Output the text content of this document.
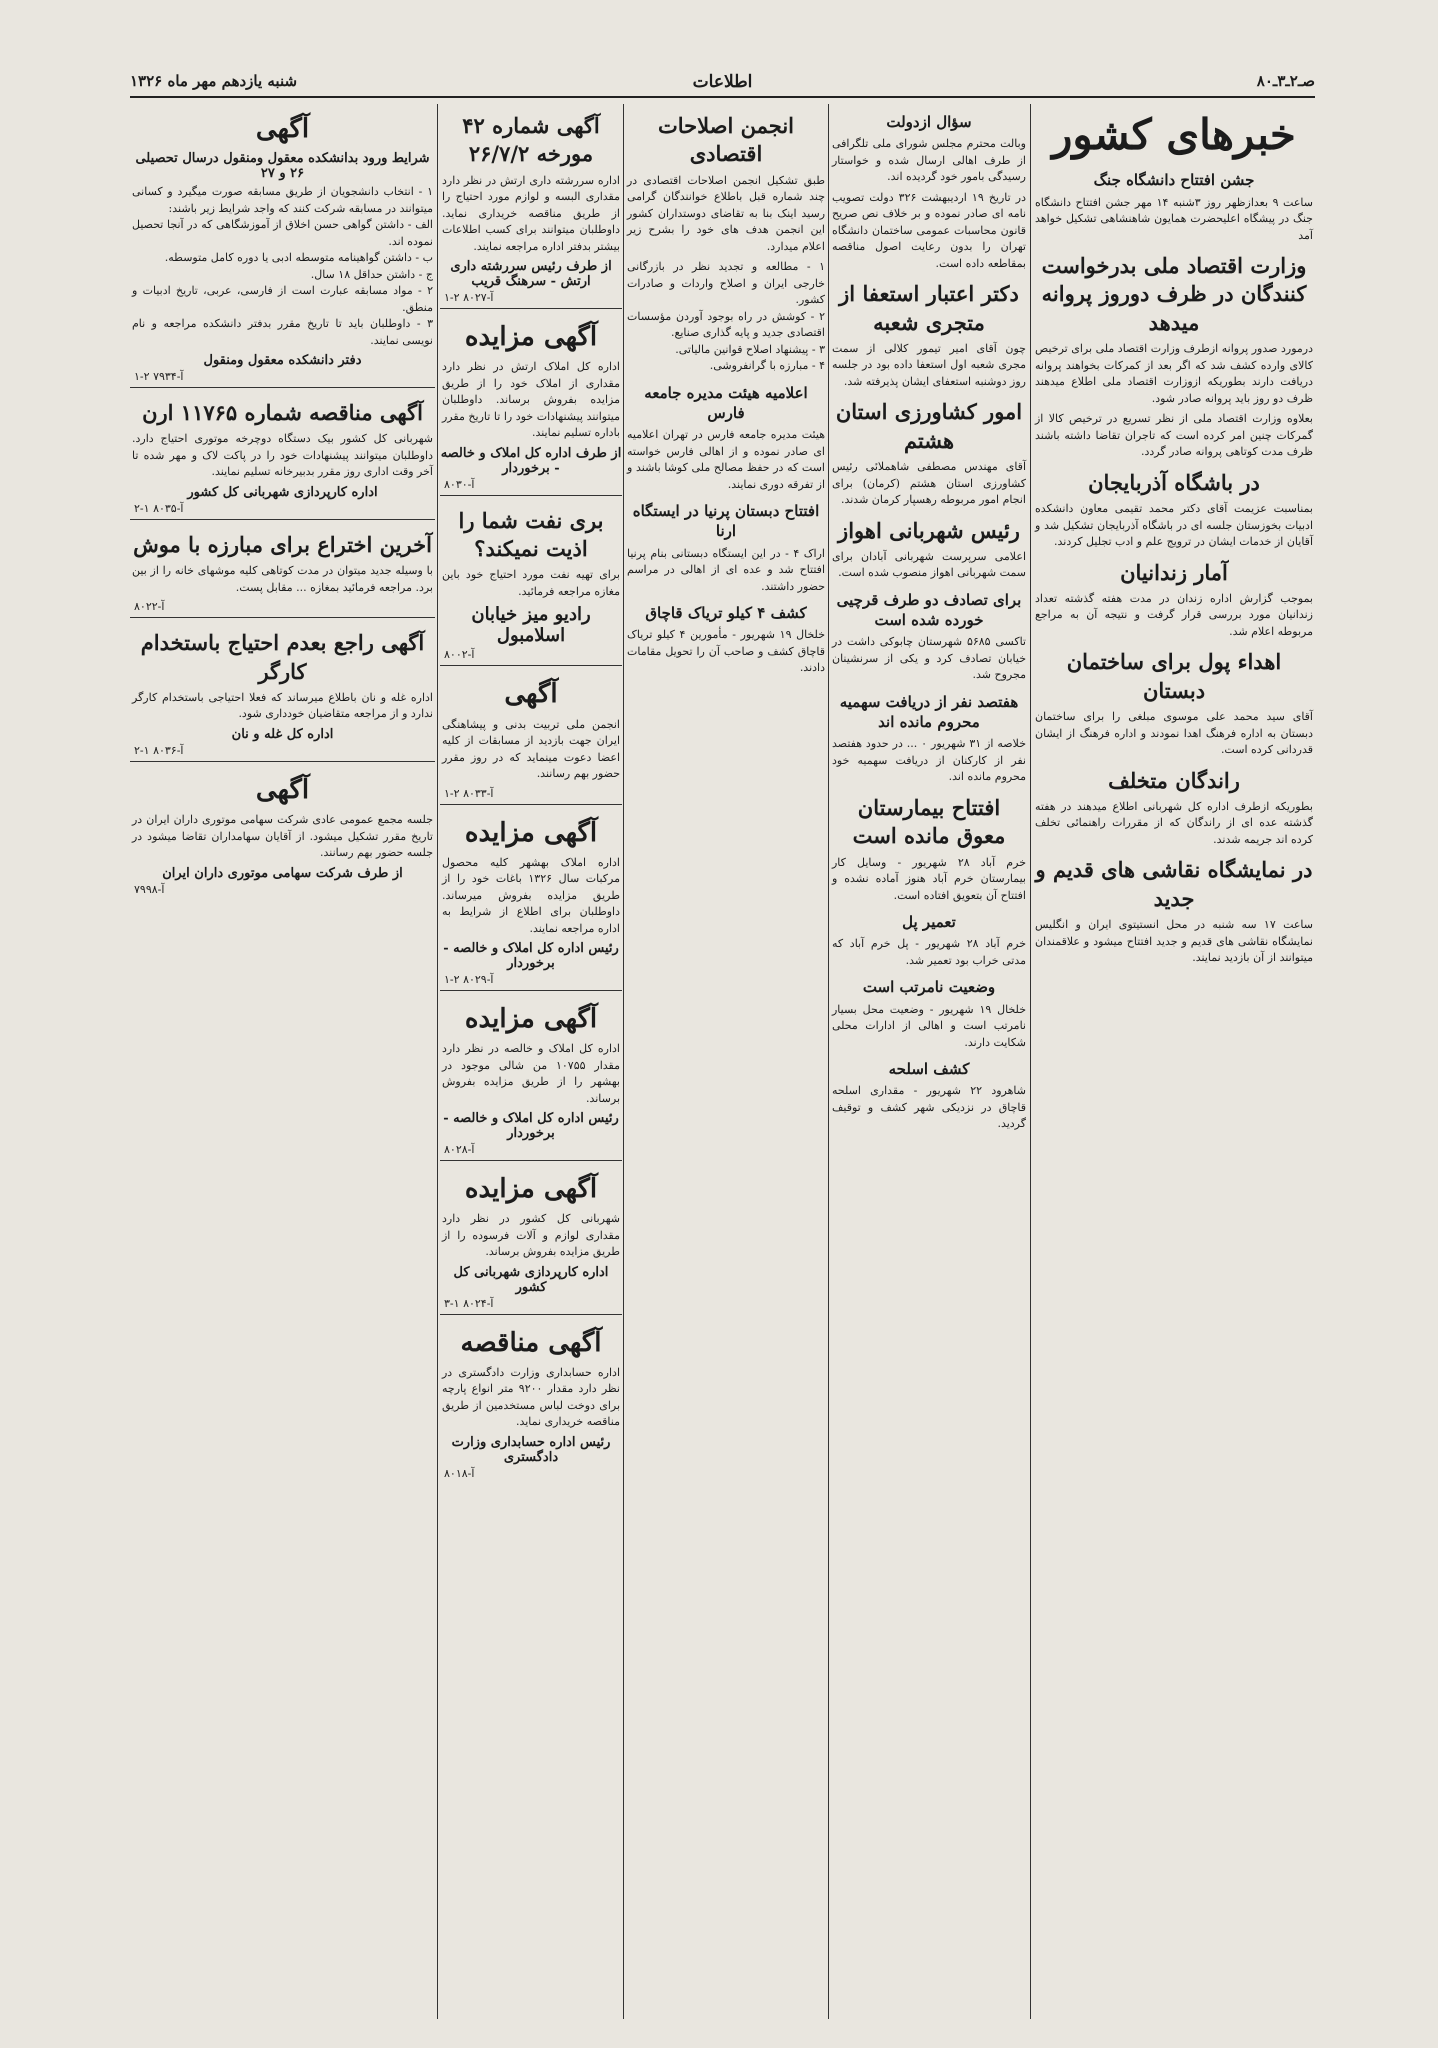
صـ۲ـ۳ـ۸۰
اطلاعات
شنبه یازدهم مهر ماه ۱۳۲۶
خبرهای کشور
جشن افتتاح دانشگاه جنگ
ساعت ۹ بعدازظهر روز ۳شنبه ۱۴ مهر جشن افتتاح دانشگاه جنگ در پیشگاه اعلیحضرت همایون شاهنشاهی تشکیل خواهد آمد
وزارت اقتصاد ملی بدرخواست کنندگان در ظرف دوروز پروانه میدهد
درمورد صدور پروانه ازطرف وزارت اقتصاد ملی برای ترخیص کالای وارده کشف شد که اگر بعد از کمرکات بخواهند پروانه دریافت دارند بطوریکه ازوزارت اقتصاد ملی اطلاع میدهند ظرف دو روز باید پروانه صادر شود.
بعلاوه وزارت اقتصاد ملی از نظر تسریع در ترخیص کالا از گمرکات چنین امر کرده است که تاجران تقاضا داشته باشند ظرف مدت کوتاهی پروانه صادر گردد.
در باشگاه آذربایجان
بمناسبت عزیمت آقای دکتر محمد تقیمی معاون دانشکده ادبیات بخوزستان جلسه ای در باشگاه آذربایجان تشکیل شد و آقایان از خدمات ایشان در ترویج علم و ادب تجلیل کردند.
آمار زندانیان
بموجب گزارش اداره زندان در مدت هفته گذشته تعداد زندانیان مورد بررسی قرار گرفت و نتیجه آن به مراجع مربوطه اعلام شد.
اهداء پول برای ساختمان دبستان
آقای سید محمد علی موسوی مبلغی را برای ساختمان دبستان به اداره فرهنگ اهدا نمودند و اداره فرهنگ از ایشان قدردانی کرده است.
راندگان متخلف
بطوریکه ازطرف اداره کل شهربانی اطلاع میدهند در هفته گذشته عده ای از راندگان که از مقررات راهنمائی تخلف کرده اند جریمه شدند.
در نمایشگاه نقاشی های قدیم و جدید
ساعت ۱۷ سه شنبه در محل انستیتوی ایران و انگلیس نمایشگاه نقاشی های قدیم و جدید افتتاح میشود و علاقمندان میتوانند از آن بازدید نمایند.
سؤال ازدولت
وبالت محترم مجلس شورای ملی تلگرافی از طرف اهالی ارسال شده و خواستار رسیدگی بامور خود گردیده اند.
در تاریخ ۱۹ اردیبهشت ۳۲۶ دولت تصویب نامه ای صادر نموده و بر خلاف نص صریح قانون محاسبات عمومی ساختمان دانشگاه تهران را بدون رعایت اصول مناقصه بمقاطعه داده است.
دکتر اعتبار استعفا از متجری شعبه
چون آقای امیر تیمور کلالی از سمت مجری شعبه اول استعفا داده بود در جلسه روز دوشنبه استعفای ایشان پذیرفته شد.
امور کشاورزی استان هشتم
آقای مهندس مصطفی شاهملائی رئیس کشاورزی استان هشتم (کرمان) برای انجام امور مربوطه رهسپار کرمان شدند.
رئیس شهربانی اهواز
اعلامی سرپرست شهربانی آبادان برای سمت شهربانی اهواز منصوب شده است.
برای تصادف دو طرف قرچیی خورده شده است
تاکسی ۵۶۸۵ شهرستان چابوکی داشت در خیابان تصادف کرد و یکی از سرنشینان مجروح شد.
هفتصد نفر از دریافت سهمیه محروم مانده اند
خلاصه از ۳۱ شهریور ۰ ... در حدود هفتصد نفر از کارکنان از دریافت سهمیه خود محروم مانده اند.
افتتاح بیمارستان معوق مانده است
خرم آباد ۲۸ شهریور - وسایل کار بیمارستان خرم آباد هنوز آماده نشده و افتتاح آن بتعویق افتاده است.
تعمیر پل
خرم آباد ۲۸ شهریور - پل خرم آباد که مدتی خراب بود تعمیر شد.
وضعیت نامرتب است
خلخال ۱۹ شهریور - وضعیت محل بسیار نامرتب است و اهالی از ادارات محلی شکایت دارند.
کشف اسلحه
شاهرود ۲۲ شهریور - مقداری اسلحه قاچاق در نزدیکی شهر کشف و توقیف گردید.
انجمن اصلاحات اقتصادی
طبق تشکیل انجمن اصلاحات اقتصادی در چند شماره قبل باطلاع خوانندگان گرامی رسید اینک بنا به تقاضای دوستداران کشور این انجمن هدف های خود را بشرح زیر اعلام میدارد.
۱ - مطالعه و تجدید نظر در بازرگانی خارجی ایران و اصلاح واردات و صادرات کشور.
۲ - کوشش در راه بوجود آوردن مؤسسات اقتصادی جدید و پایه گذاری صنایع.
۳ - پیشنهاد اصلاح قوانین مالیاتی.
۴ - مبارزه با گرانفروشی.
اعلامیه هیئت مدیره جامعه فارس
هیئت مدیره جامعه فارس در تهران اعلامیه ای صادر نموده و از اهالی فارس خواسته است که در حفظ مصالح ملی کوشا باشند و از تفرقه دوری نمایند.
افتتاح دبستان پرنیا در ایستگاه ارنا
اراک ۴ - در این ایستگاه دبستانی بنام پرنیا افتتاح شد و عده ای از اهالی در مراسم حضور داشتند.
کشف ۴ کیلو تریاک قاچاق
خلخال ۱۹ شهریور - مأمورین ۴ کیلو تریاک قاچاق کشف و صاحب آن را تحویل مقامات دادند.
آگهی شماره ۴۲ مورخه ۲۶/۷/۲
اداره سررشته داری ارتش در نظر دارد مقداری البسه و لوازم مورد احتیاج را از طریق مناقصه خریداری نماید. داوطلبان میتوانند برای کسب اطلاعات بیشتر بدفتر اداره مراجعه نمایند.
از طرف رئیس سررشته داری ارتش - سرهنگ قریب
آ-۸۰۲۷ ۲-۱
آگهی مزایده
اداره کل املاک ارتش در نظر دارد مقداری از املاک خود را از طریق مزایده بفروش برساند. داوطلبان میتوانند پیشنهادات خود را تا تاریخ مقرر باداره تسلیم نمایند.
از طرف اداره کل املاک و خالصه - برخوردار
آ-۸۰۳۰
بری نفت شما را اذیت نمیکند؟
برای تهیه نفت مورد احتیاج خود باین مغازه مراجعه فرمائید.
رادیو میز خیابان اسلامبول
آ-۸۰۰۲
آگهی
انجمن ملی تربیت بدنی و پیشاهنگی ایران جهت بازدید از مسابقات از کلیه اعضا دعوت مینماید که در روز مقرر حضور بهم رسانند.
آ-۸۰۳۳ ۲-۱
آگهی مزایده
اداره املاک بهشهر کلیه محصول مرکبات سال ۱۳۲۶ باغات خود را از طریق مزایده بفروش میرساند. داوطلبان برای اطلاع از شرایط به اداره مراجعه نمایند.
رئیس اداره کل املاک و خالصه - برخوردار
آ-۸۰۲۹ ۲-۱
آگهی مزایده
اداره کل املاک و خالصه در نظر دارد مقدار ۱۰۷۵۵ من شالی موجود در بهشهر را از طریق مزایده بفروش برساند.
رئیس اداره کل املاک و خالصه - برخوردار
آ-۸۰۲۸
آگهی مزایده
شهربانی کل کشور در نظر دارد مقداری لوازم و آلات فرسوده را از طریق مزایده بفروش برساند.
اداره کارپردازی شهربانی کل کشور
آ-۸۰۲۴ ۱-۳
آگهی مناقصه
اداره حسابداری وزارت دادگستری در نظر دارد مقدار ۹۲۰۰ متر انواع پارچه برای دوخت لباس مستخدمین از طریق مناقصه خریداری نماید.
رئیس اداره حسابداری وزارت دادگستری
آ-۸۰۱۸
آگهی
شرایط ورود بدانشکده معقول ومنقول درسال تحصیلی ۲۶ و ۲۷
۱ - انتخاب دانشجویان از طریق مسابقه صورت میگیرد و کسانی میتوانند در مسابقه شرکت کنند که واجد شرایط زیر باشند:
الف - داشتن گواهی حسن اخلاق از آموزشگاهی که در آنجا تحصیل نموده اند.
ب - داشتن گواهینامه متوسطه ادبی یا دوره کامل متوسطه.
ج - داشتن حداقل ۱۸ سال.
۲ - مواد مسابقه عبارت است از فارسی، عربی، تاریخ ادبیات و منطق.
۳ - داوطلبان باید تا تاریخ مقرر بدفتر دانشکده مراجعه و نام نویسی نمایند.
دفتر دانشکده معقول ومنقول
آ-۷۹۳۴ ۲-۱
آگهی مناقصه شماره ۱۱۷۶۵ ارن
شهربانی کل کشور بیک دستگاه دوچرخه موتوری احتیاج دارد. داوطلبان میتوانند پیشنهادات خود را در پاکت لاک و مهر شده تا آخر وقت اداری روز مقرر بدبیرخانه تسلیم نمایند.
اداره کارپردازی شهربانی کل کشور
آ-۸۰۳۵ ۱-۲
آخرین اختراع برای مبارزه با موش
با وسیله جدید میتوان در مدت کوتاهی کلیه موشهای خانه را از بین برد. مراجعه فرمائید بمغازه ... مقابل پست.
آ-۸۰۲۲
آگهی راجع بعدم احتیاج باستخدام کارگر
اداره غله و نان باطلاع میرساند که فعلا احتیاجی باستخدام کارگر ندارد و از مراجعه متقاضیان خودداری شود.
اداره کل غله و نان
آ-۸۰۳۶ ۱-۲
آگهی
جلسه مجمع عمومی عادی شرکت سهامی موتوری داران ایران در تاریخ مقرر تشکیل میشود. از آقایان سهامداران تقاضا میشود در جلسه حضور بهم رسانند.
از طرف شرکت سهامی موتوری داران ایران
آ-۷۹۹۸
